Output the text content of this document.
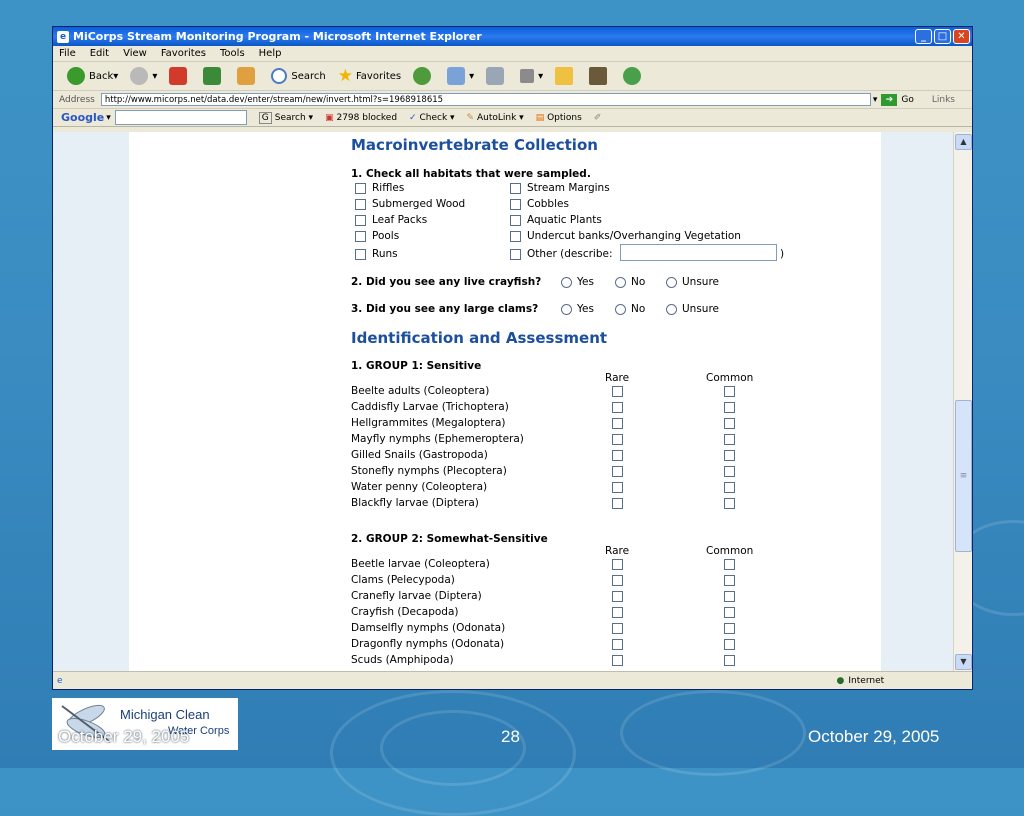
e MiCorps Stream Monitoring Program - Microsoft Internet Explorer	_	□	✕
File Edit View Favorites Tools Help
Back ▾	▾	Search ★ Favorites	▾	▾
Address	http://www.micorps.net/data.dev/enter/stream/new/invert.html?s=1968918615	▾ ➔ Go Links
Google ▾	G Search ▾ ▣ 2798 blocked ✓ Check ▾ ✎ AutoLink ▾ ▤ Options ✐
Macroinvertebrate Collection
1. Check all habitats that were sampled.
Riffles
Submerged Wood
Leaf Packs
Pools
Runs
Stream Margins
Cobbles
Aquatic Plants
Undercut banks/Overhanging Vegetation
Other (describe:	)
2. Did you see any live crayfish?	Yes	No	Unsure
3. Did you see any large clams?	Yes	No	Unsure
Identification and Assessment
1. GROUP 1: Sensitive
Rare	Common
Beelte adults (Coleoptera)
Caddisfly Larvae (Trichoptera)
Hellgrammites (Megaloptera)
Mayfly nymphs (Ephemeroptera)
Gilled Snails (Gastropoda)
Stonefly nymphs (Plecoptera)
Water penny (Coleoptera)
Blackfly larvae (Diptera)
2. GROUP 2: Somewhat-Sensitive
Rare	Common
Beetle larvae (Coleoptera)
Clams (Pelecypoda)
Cranefly larvae (Diptera)
Crayfish (Decapoda)
Damselfly nymphs (Odonata)
Dragonfly nymphs (Odonata)
Scuds (Amphipoda)
▲
≡
▼
e	● Internet
Michigan Clean
Water Corps
October 29, 2005	28	October 29, 2005
